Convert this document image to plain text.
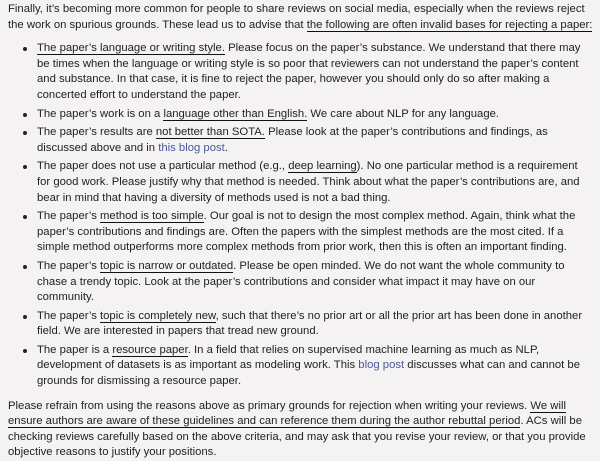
Finally, it’s becoming more common for people to share reviews on social media, especially when the reviews reject the work on spurious grounds. These lead us to advise that the following are often invalid bases for rejecting a paper:

The paper’s language or writing style. Please focus on the paper’s substance. We understand that there may be times when the language or writing style is so poor that reviewers can not understand the paper’s content and substance. In that case, it is fine to reject the paper, however you should only do so after making a concerted effort to understand the paper.
The paper’s work is on a language other than English. We care about NLP for any language.
The paper’s results are not better than SOTA. Please look at the paper’s contributions and findings, as discussed above and in this blog post.
The paper does not use a particular method (e.g., deep learning). No one particular method is a requirement for good work. Please justify why that method is needed. Think about what the paper’s contributions are, and bear in mind that having a diversity of methods used is not a bad thing.
The paper’s method is too simple. Our goal is not to design the most complex method. Again, think what the paper’s contributions and findings are. Often the papers with the simplest methods are the most cited. If a simple method outperforms more complex methods from prior work, then this is often an important finding.
The paper’s topic is narrow or outdated. Please be open minded. We do not want the whole community to chase a trendy topic. Look at the paper’s contributions and consider what impact it may have on our community.
The paper’s topic is completely new, such that there’s no prior art or all the prior art has been done in another field. We are interested in papers that tread new ground.
The paper is a resource paper. In a field that relies on supervised machine learning as much as NLP, development of datasets is as important as modeling work. This blog post discusses what can and cannot be grounds for dismissing a resource paper.

Please refrain from using the reasons above as primary grounds for rejection when writing your reviews. We will ensure authors are aware of these guidelines and can reference them during the author rebuttal period. ACs will be checking reviews carefully based on the above criteria, and may ask that you revise your review, or that you provide objective reasons to justify your positions.
